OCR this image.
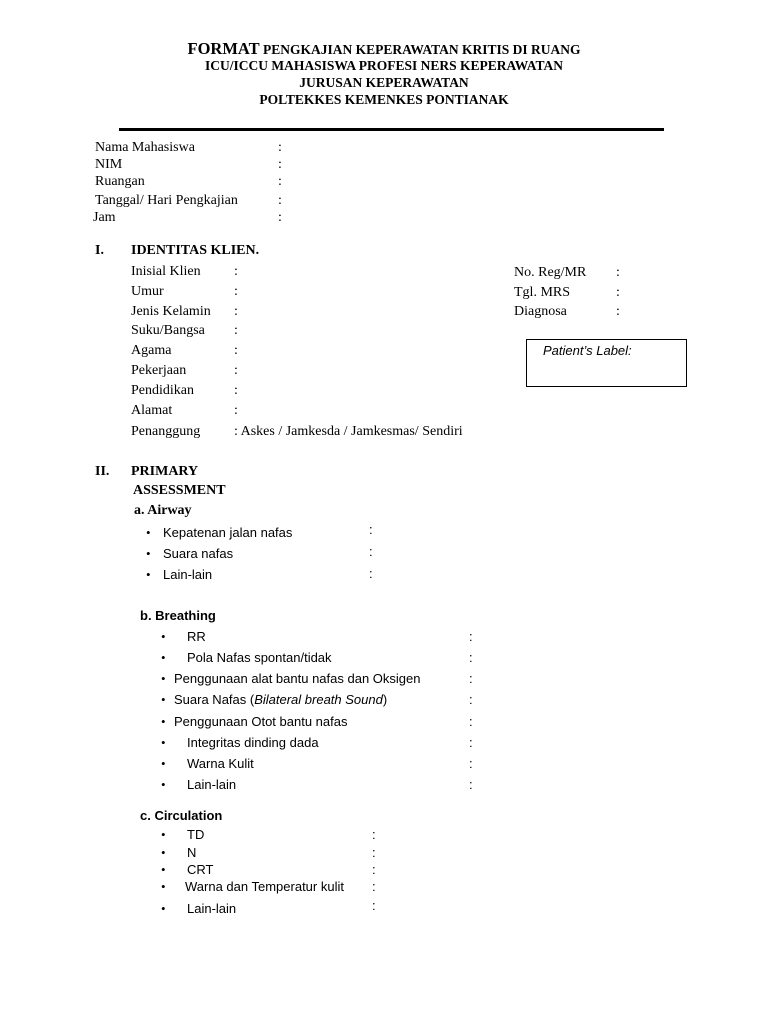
FORMAT PENGKAJIAN KEPERAWATAN KRITIS DI RUANG
ICU/ICCU MAHASISWA PROFESI NERS KEPERAWATAN
JURUSAN KEPERAWATAN
POLTEKKES KEMENKES PONTIANAK
Nama Mahasiswa	:
NIM	:
Ruangan	:
Tanggal/ Hari Pengkajian	:
Jam	:
I. IDENTITAS KLIEN.
Inisial Klien :
Umur	:
Jenis Kelamin :
Suku/Bangsa :
Agama	:
Pekerjaan	:
Pendidikan	:
Alamat	:
Penanggung : Askes / Jamkesda / Jamkesmas/ Sendiri
No. Reg/MR :
Tgl. MRS	:
Diagnosa	:
Patient’s Label:
II. PRIMARY
ASSESSMENT
a. Airway
• Kepatenan jalan nafas	:
• Suara nafas	:
• Lain-lain	:
b. Breathing
• RR	:
• Pola Nafas spontan/tidak	:
• Penggunaan alat bantu nafas dan Oksigen	:
• Suara Nafas (Bilateral breath Sound)	:
• Penggunaan Otot bantu nafas	:
• Integritas dinding dada	:
• Warna Kulit	:
• Lain-lain	:
c. Circulation
• TD	:
• N	:
• CRT	:
• Warna dan Temperatur kulit :
• Lain-lain	:
